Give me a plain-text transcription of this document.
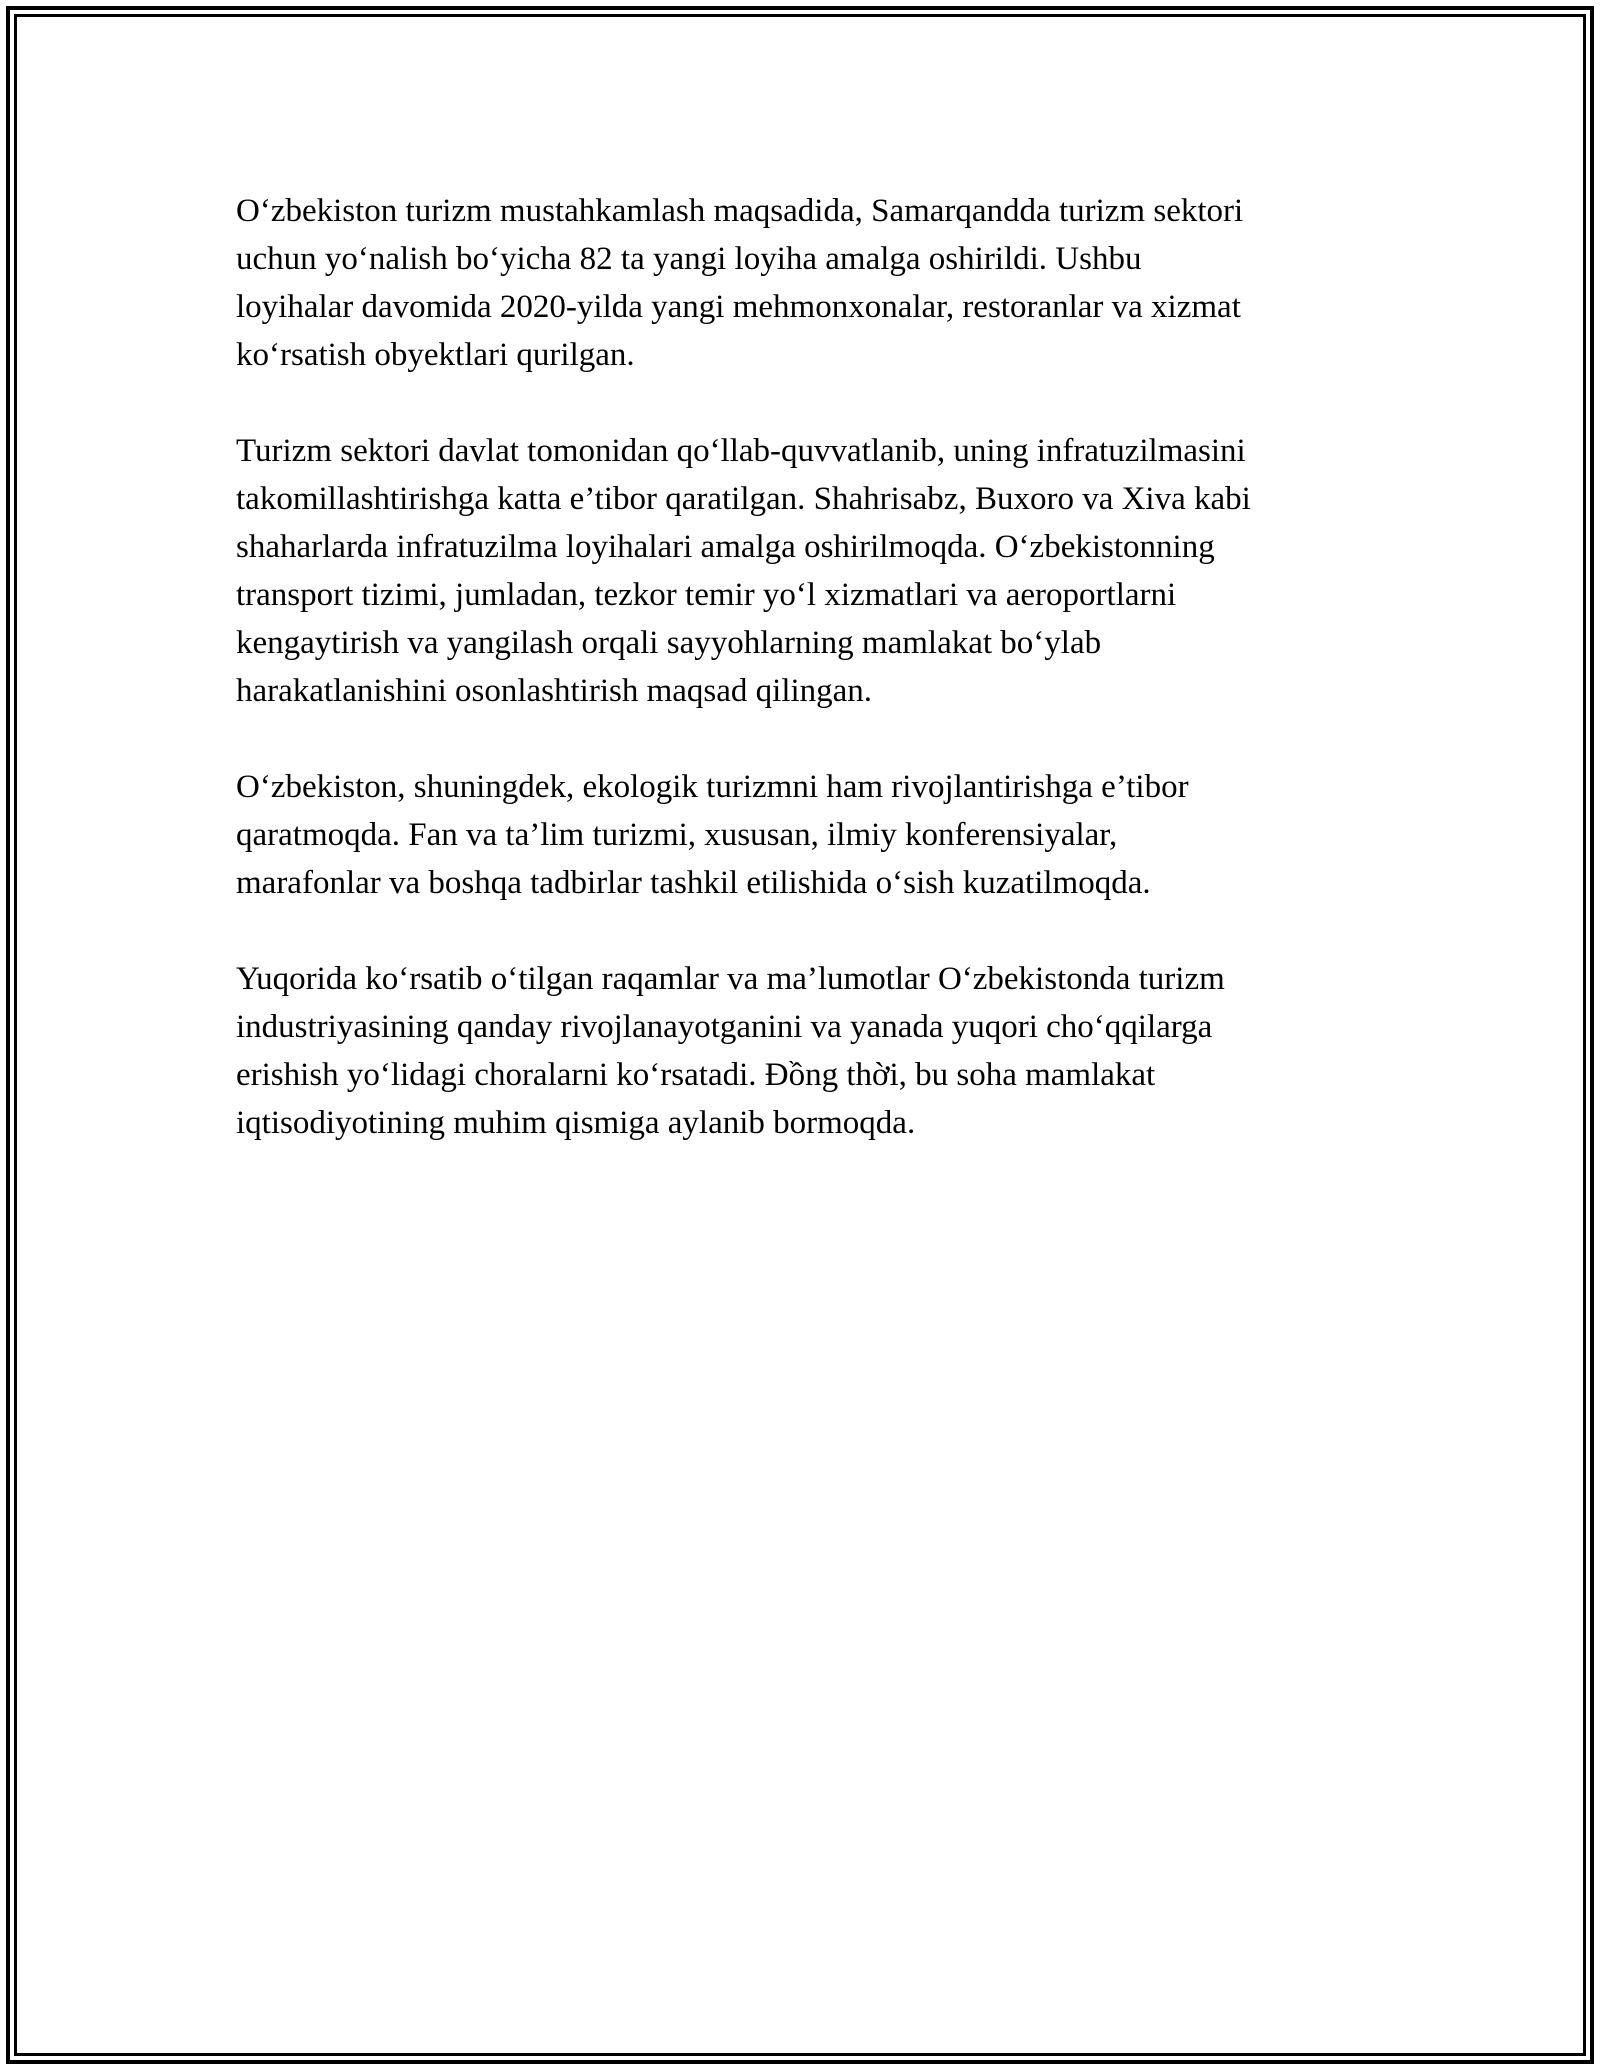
O‘zbekiston turizm mustahkamlash maqsadida, Samarqandda turizm sektori
uchun yo‘nalish bo‘yicha 82 ta yangi loyiha amalga oshirildi. Ushbu
loyihalar davomida 2020-yilda yangi mehmonxonalar, restoranlar va xizmat
ko‘rsatish obyektlari qurilgan.

Turizm sektori davlat tomonidan qo‘llab-quvvatlanib, uning infratuzilmasini
takomillashtirishga katta e’tibor qaratilgan. Shahrisabz, Buxoro va Xiva kabi
shaharlarda infratuzilma loyihalari amalga oshirilmoqda. O‘zbekistonning
transport tizimi, jumladan, tezkor temir yo‘l xizmatlari va aeroportlarni
kengaytirish va yangilash orqali sayyohlarning mamlakat bo‘ylab
harakatlanishini osonlashtirish maqsad qilingan.

O‘zbekiston, shuningdek, ekologik turizmni ham rivojlantirishga e’tibor
qaratmoqda. Fan va ta’lim turizmi, xususan, ilmiy konferensiyalar,
marafonlar va boshqa tadbirlar tashkil etilishida o‘sish kuzatilmoqda.

Yuqorida ko‘rsatib o‘tilgan raqamlar va ma’lumotlar O‘zbekistonda turizm
industriyasining qanday rivojlanayotganini va yanada yuqori cho‘qqilarga
erishish yo‘lidagi choralarni ko‘rsatadi. Đồng thời, bu soha mamlakat
iqtisodiyotining muhim qismiga aylanib bormoqda.
